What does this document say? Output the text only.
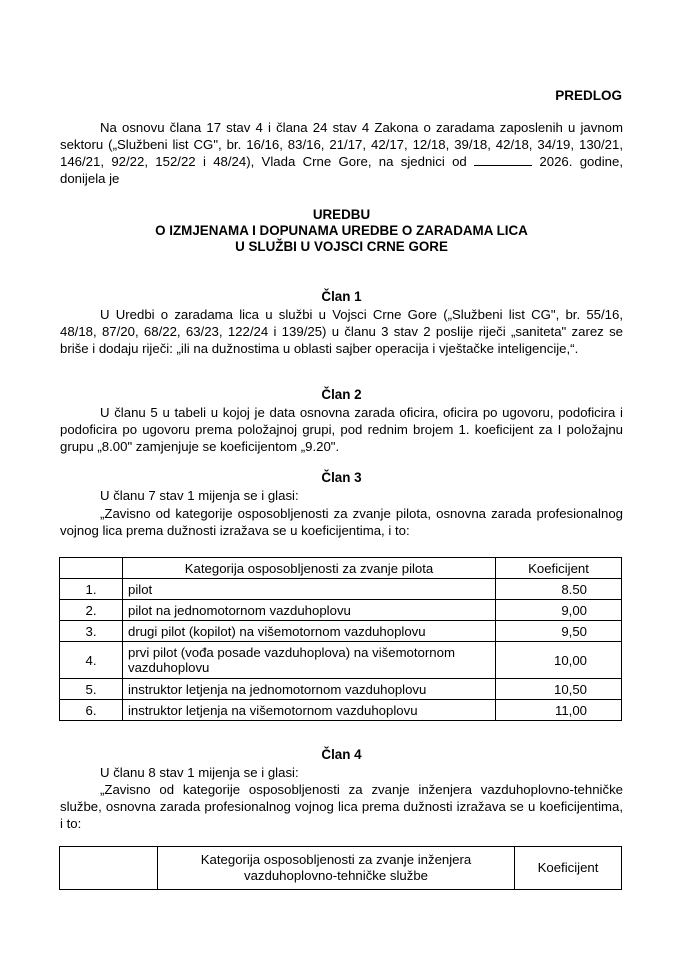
PREDLOG
Na osnovu člana 17 stav 4 i člana 24 stav 4 Zakona o zaradama zaposlenih u javnom sektoru („Službeni list CG", br. 16/16, 83/16, 21/17, 42/17, 12/18, 39/18, 42/18, 34/19, 130/21, 146/21, 92/22, 152/22 i 48/24), Vlada Crne Gore, na sjednici od	2026. godine, donijela je
UREDBU
O IZMJENAMA I DOPUNAMA UREDBE O ZARADAMA LICA
U SLUŽBI U VOJSCI CRNE GORE
Član 1
U Uredbi o zaradama lica u službi u Vojsci Crne Gore („Službeni list CG", br. 55/16, 48/18, 87/20, 68/22, 63/23, 122/24 i 139/25) u članu 3 stav 2 poslije riječi „saniteta" zarez se briše i dodaju riječi: „ili na dužnostima u oblasti sajber operacija i vještačke inteligencije,“.
Član 2
U članu 5 u tabeli u kojoj je data osnovna zarada oficira, oficira po ugovoru, podoficira i podoficira po ugovoru prema položajnoj grupi, pod rednim brojem 1. koeficijent za I položajnu grupu „8.00" zamjenjuje se koeficijentom „9.20".
Član 3
U članu 7 stav 1 mijenja se i glasi:
„Zavisno od kategorije osposobljenosti za zvanje pilota, osnovna zarada profesionalnog vojnog lica prema dužnosti izražava se u koeficijentima, i to:
	Kategorija osposobljenosti za zvanje pilota	Koeficijent
1.	pilot	8.50
2.	pilot na jednomotornom vazduhoplovu	9,00
3.	drugi pilot (kopilot) na višemotornom vazduhoplovu	9,50
4.	prvi pilot (vođa posade vazduhoplova) na višemotornom vazduhoplovu	10,00
5.	instruktor letjenja na jednomotornom vazduhoplovu	10,50
6.	instruktor letjenja na višemotornom vazduhoplovu	11,00
Član 4
U članu 8 stav 1 mijenja se i glasi:
„Zavisno od kategorije osposobljenosti za zvanje inženjera vazduhoplovno-tehničke službe, osnovna zarada profesionalnog vojnog lica prema dužnosti izražava se u koeficijentima, i to:
	Kategorija osposobljenosti za zvanje inženjera vazduhoplovno-tehničke službe	Koeficijent
